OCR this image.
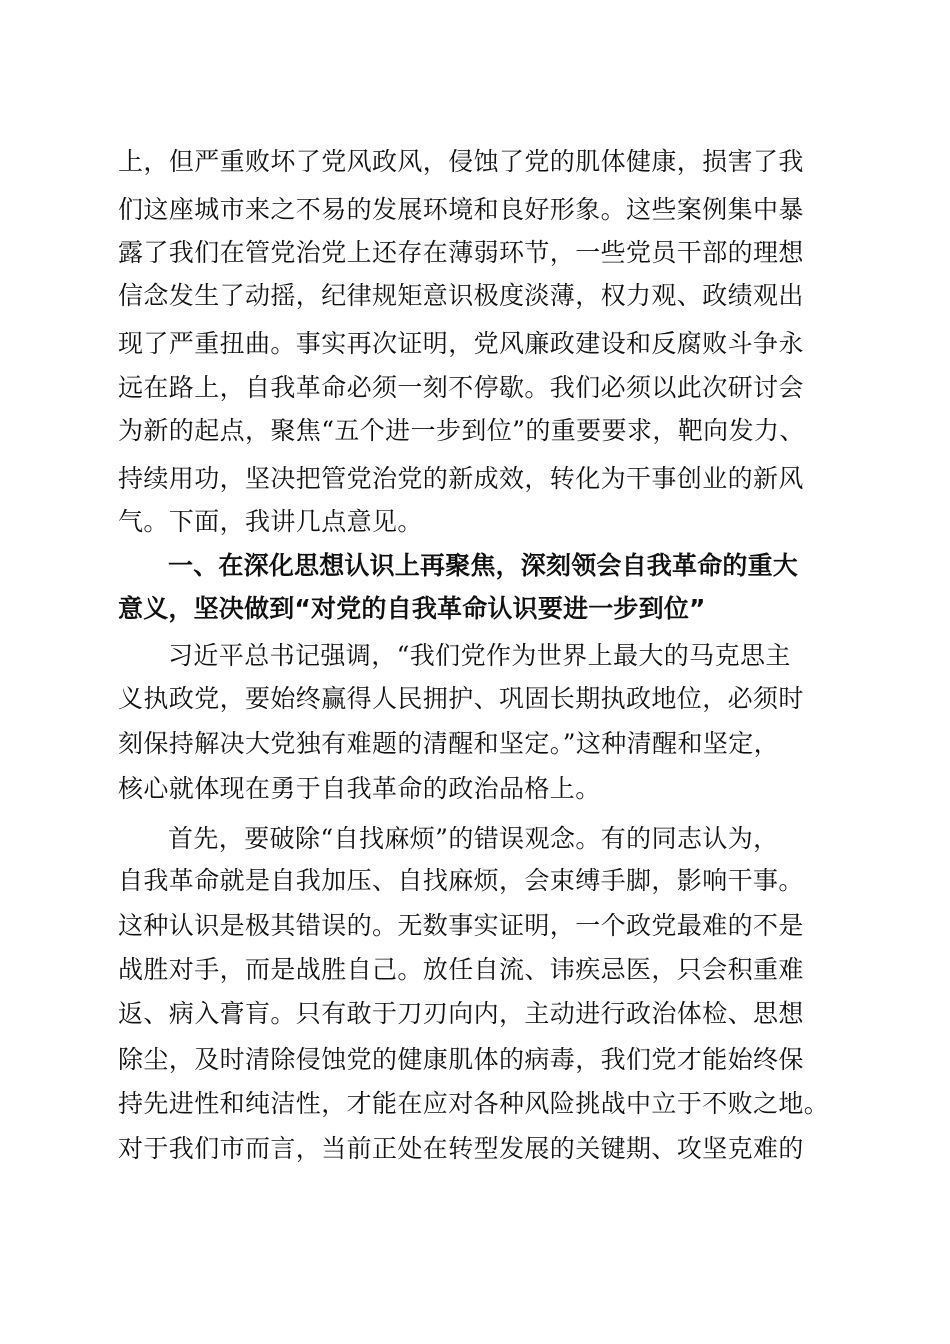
上，但严重败坏了党风政风，侵蚀了党的肌体健康，损害了我
们这座城市来之不易的发展环境和良好形象。这些案例集中暴
露了我们在管党治党上还存在薄弱环节，一些党员干部的理想
信念发生了动摇，纪律规矩意识极度淡薄，权力观、政绩观出
现了严重扭曲。事实再次证明，党风廉政建设和反腐败斗争永
远在路上，自我革命必须一刻不停歇。我们必须以此次研讨会
为新的起点，聚焦“五个进一步到位”的重要要求，靶向发力、
持续用功，坚决把管党治党的新成效，转化为干事创业的新风
气。下面，我讲几点意见。
一、在深化思想认识上再聚焦，深刻领会自我革命的重大
意义，坚决做到“对党的自我革命认识要进一步到位”
习近平总书记强调，“我们党作为世界上最大的马克思主
义执政党，要始终赢得人民拥护、巩固长期执政地位，必须时
刻保持解决大党独有难题的清醒和坚定。”这种清醒和坚定，
核心就体现在勇于自我革命的政治品格上。
首先，要破除“自找麻烦”的错误观念。有的同志认为，
自我革命就是自我加压、自找麻烦，会束缚手脚，影响干事。
这种认识是极其错误的。无数事实证明，一个政党最难的不是
战胜对手，而是战胜自己。放任自流、讳疾忌医，只会积重难
返、病入膏肓。只有敢于刀刃向内，主动进行政治体检、思想
除尘，及时清除侵蚀党的健康肌体的病毒，我们党才能始终保
持先进性和纯洁性，才能在应对各种风险挑战中立于不败之地。
对于我们市而言，当前正处在转型发展的关键期、攻坚克难的
